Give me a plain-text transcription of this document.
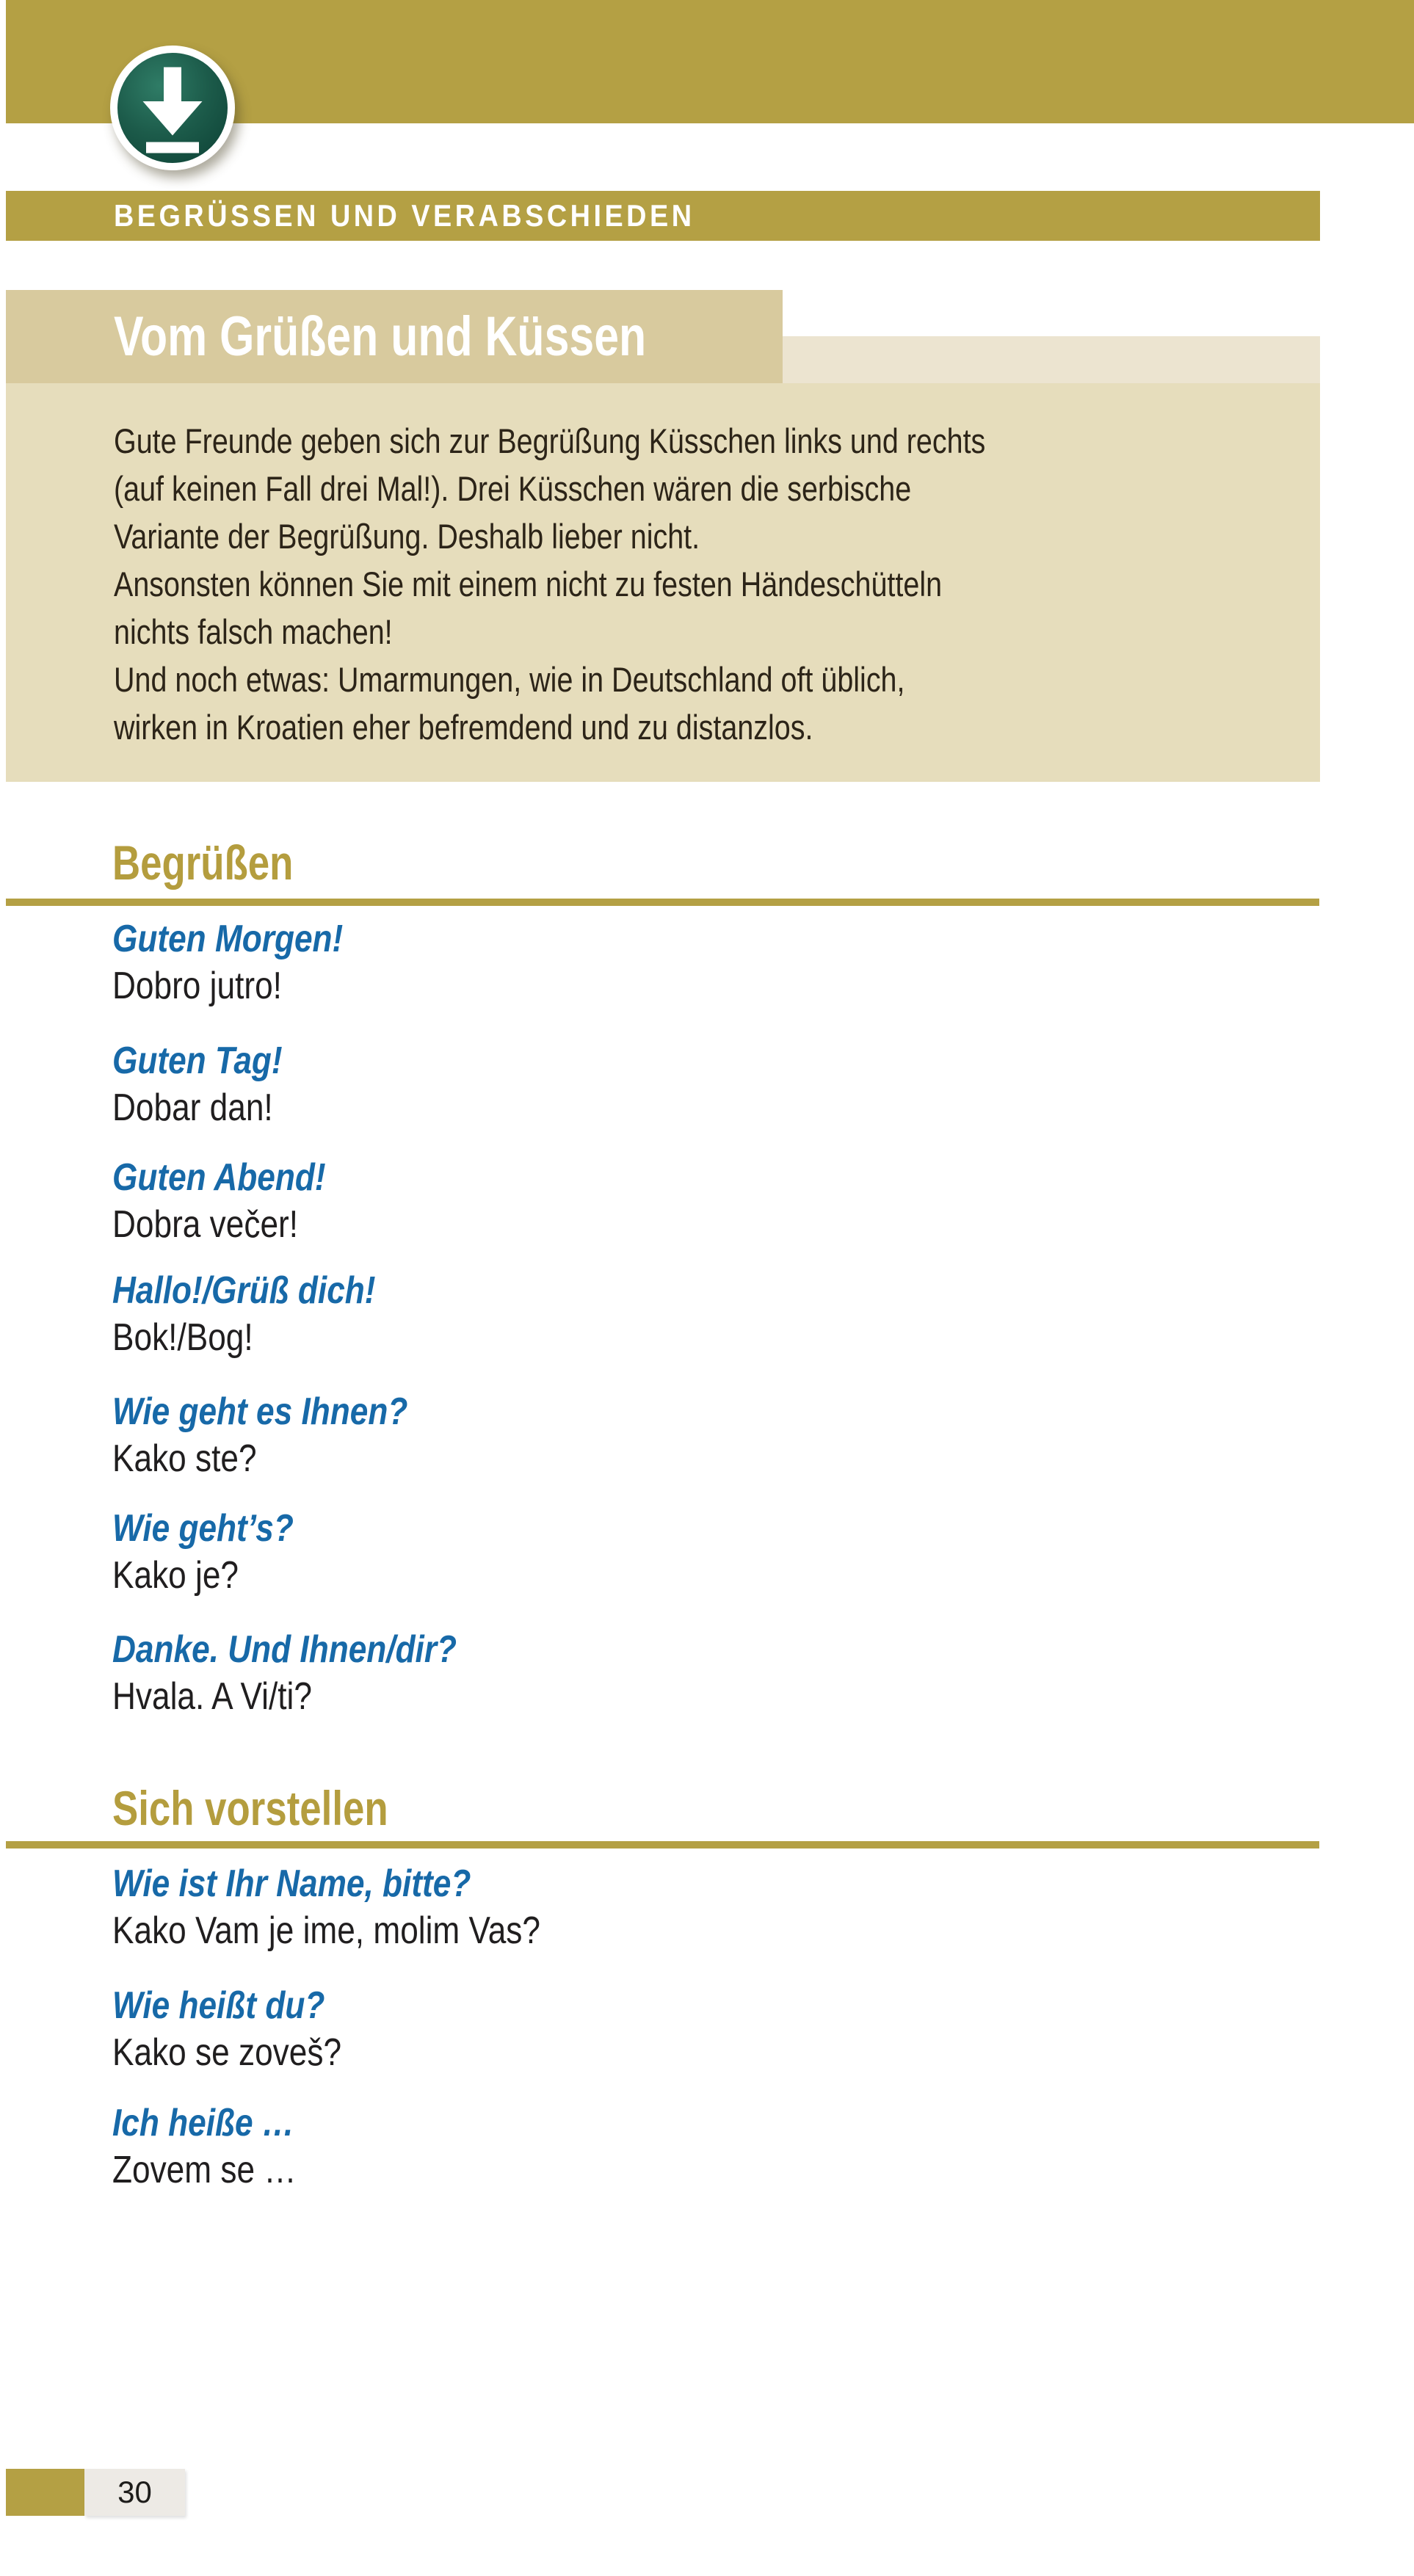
BEGRÜSSEN UND VERABSCHIEDEN
Vom Grüßen und Küssen
Gute Freunde geben sich zur Begrüßung Küsschen links und rechts
(auf keinen Fall drei Mal!). Drei Küsschen wären die serbische
Variante der Begrüßung. Deshalb lieber nicht.
Ansonsten können Sie mit einem nicht zu festen Händeschütteln
nichts falsch machen!
Und noch etwas: Umarmungen, wie in Deutschland oft üblich,
wirken in Kroatien eher befremdend und zu distanzlos.
Begrüßen
Guten Morgen!
Dobro jutro!
Guten Tag!
Dobar dan!
Guten Abend!
Dobra večer!
Hallo!/Grüß dich!
Bok!/Bog!
Wie geht es Ihnen?
Kako ste?
Wie geht’s?
Kako je?
Danke. Und Ihnen/dir?
Hvala. A Vi/ti?
Sich vorstellen
Wie ist Ihr Name, bitte?
Kako Vam je ime, molim Vas?
Wie heißt du?
Kako se zoveš?
Ich heiße …
Zovem se …
30
